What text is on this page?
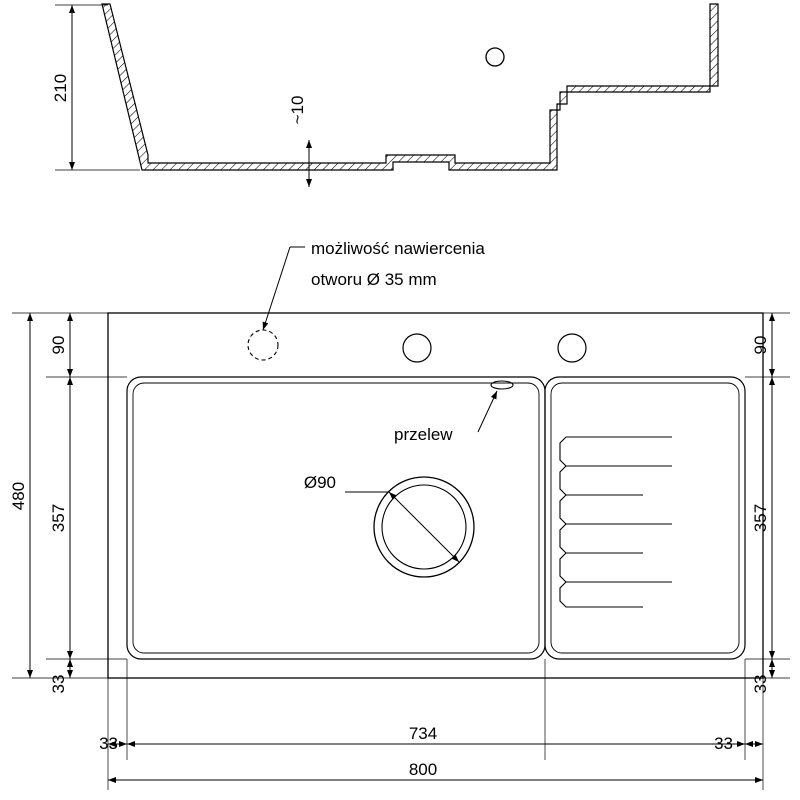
210
~10
możliwość nawiercenia
otworu Ø 35 mm
przelew
Ø90
90
357
33
480
90
357
33
33
734
33
800
